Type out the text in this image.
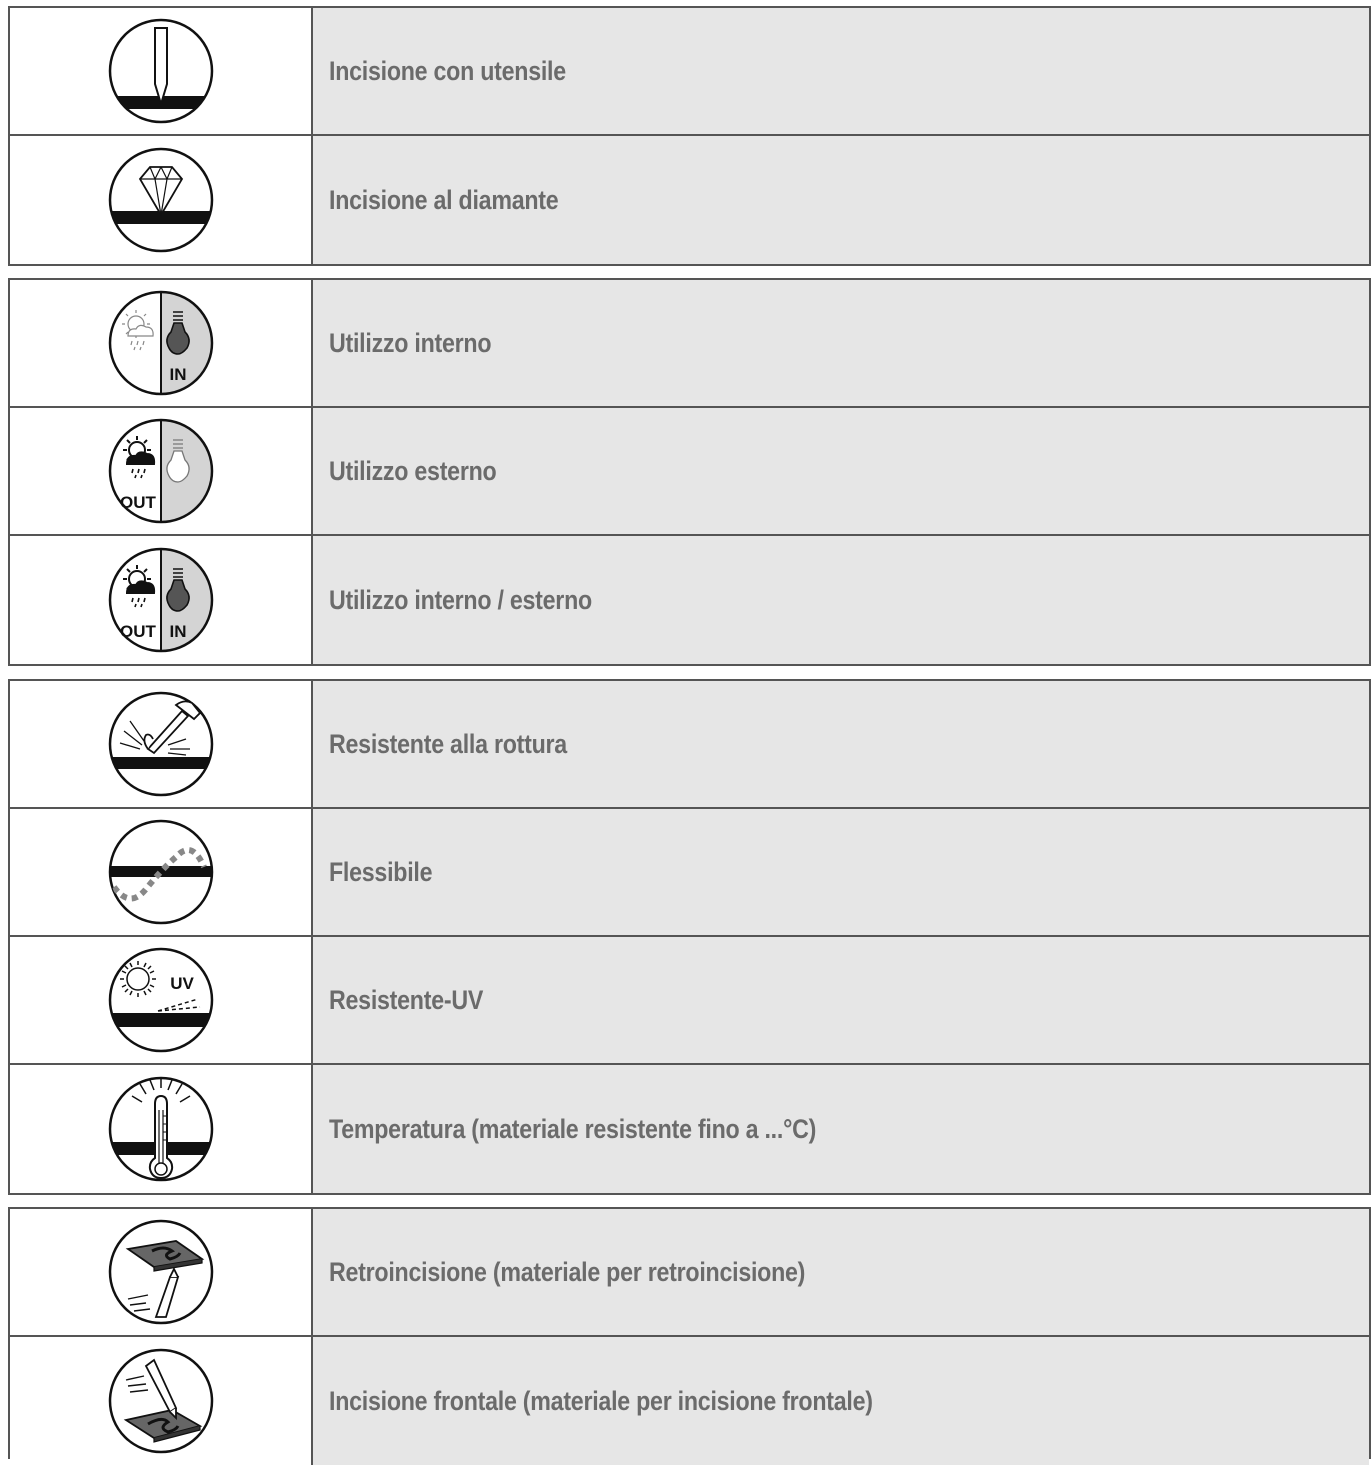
Incisione con utensile
Incisione al diamante
IN
Utilizzo interno
OUT
Utilizzo esterno
OUT IN
Utilizzo interno / esterno
Resistente alla rottura
Flessibile
UV
Resistente-UV
Temperatura (materiale resistente fino a ...°C)
Retroincisione (materiale per retroincisione)
Incisione frontale (materiale per incisione frontale)
